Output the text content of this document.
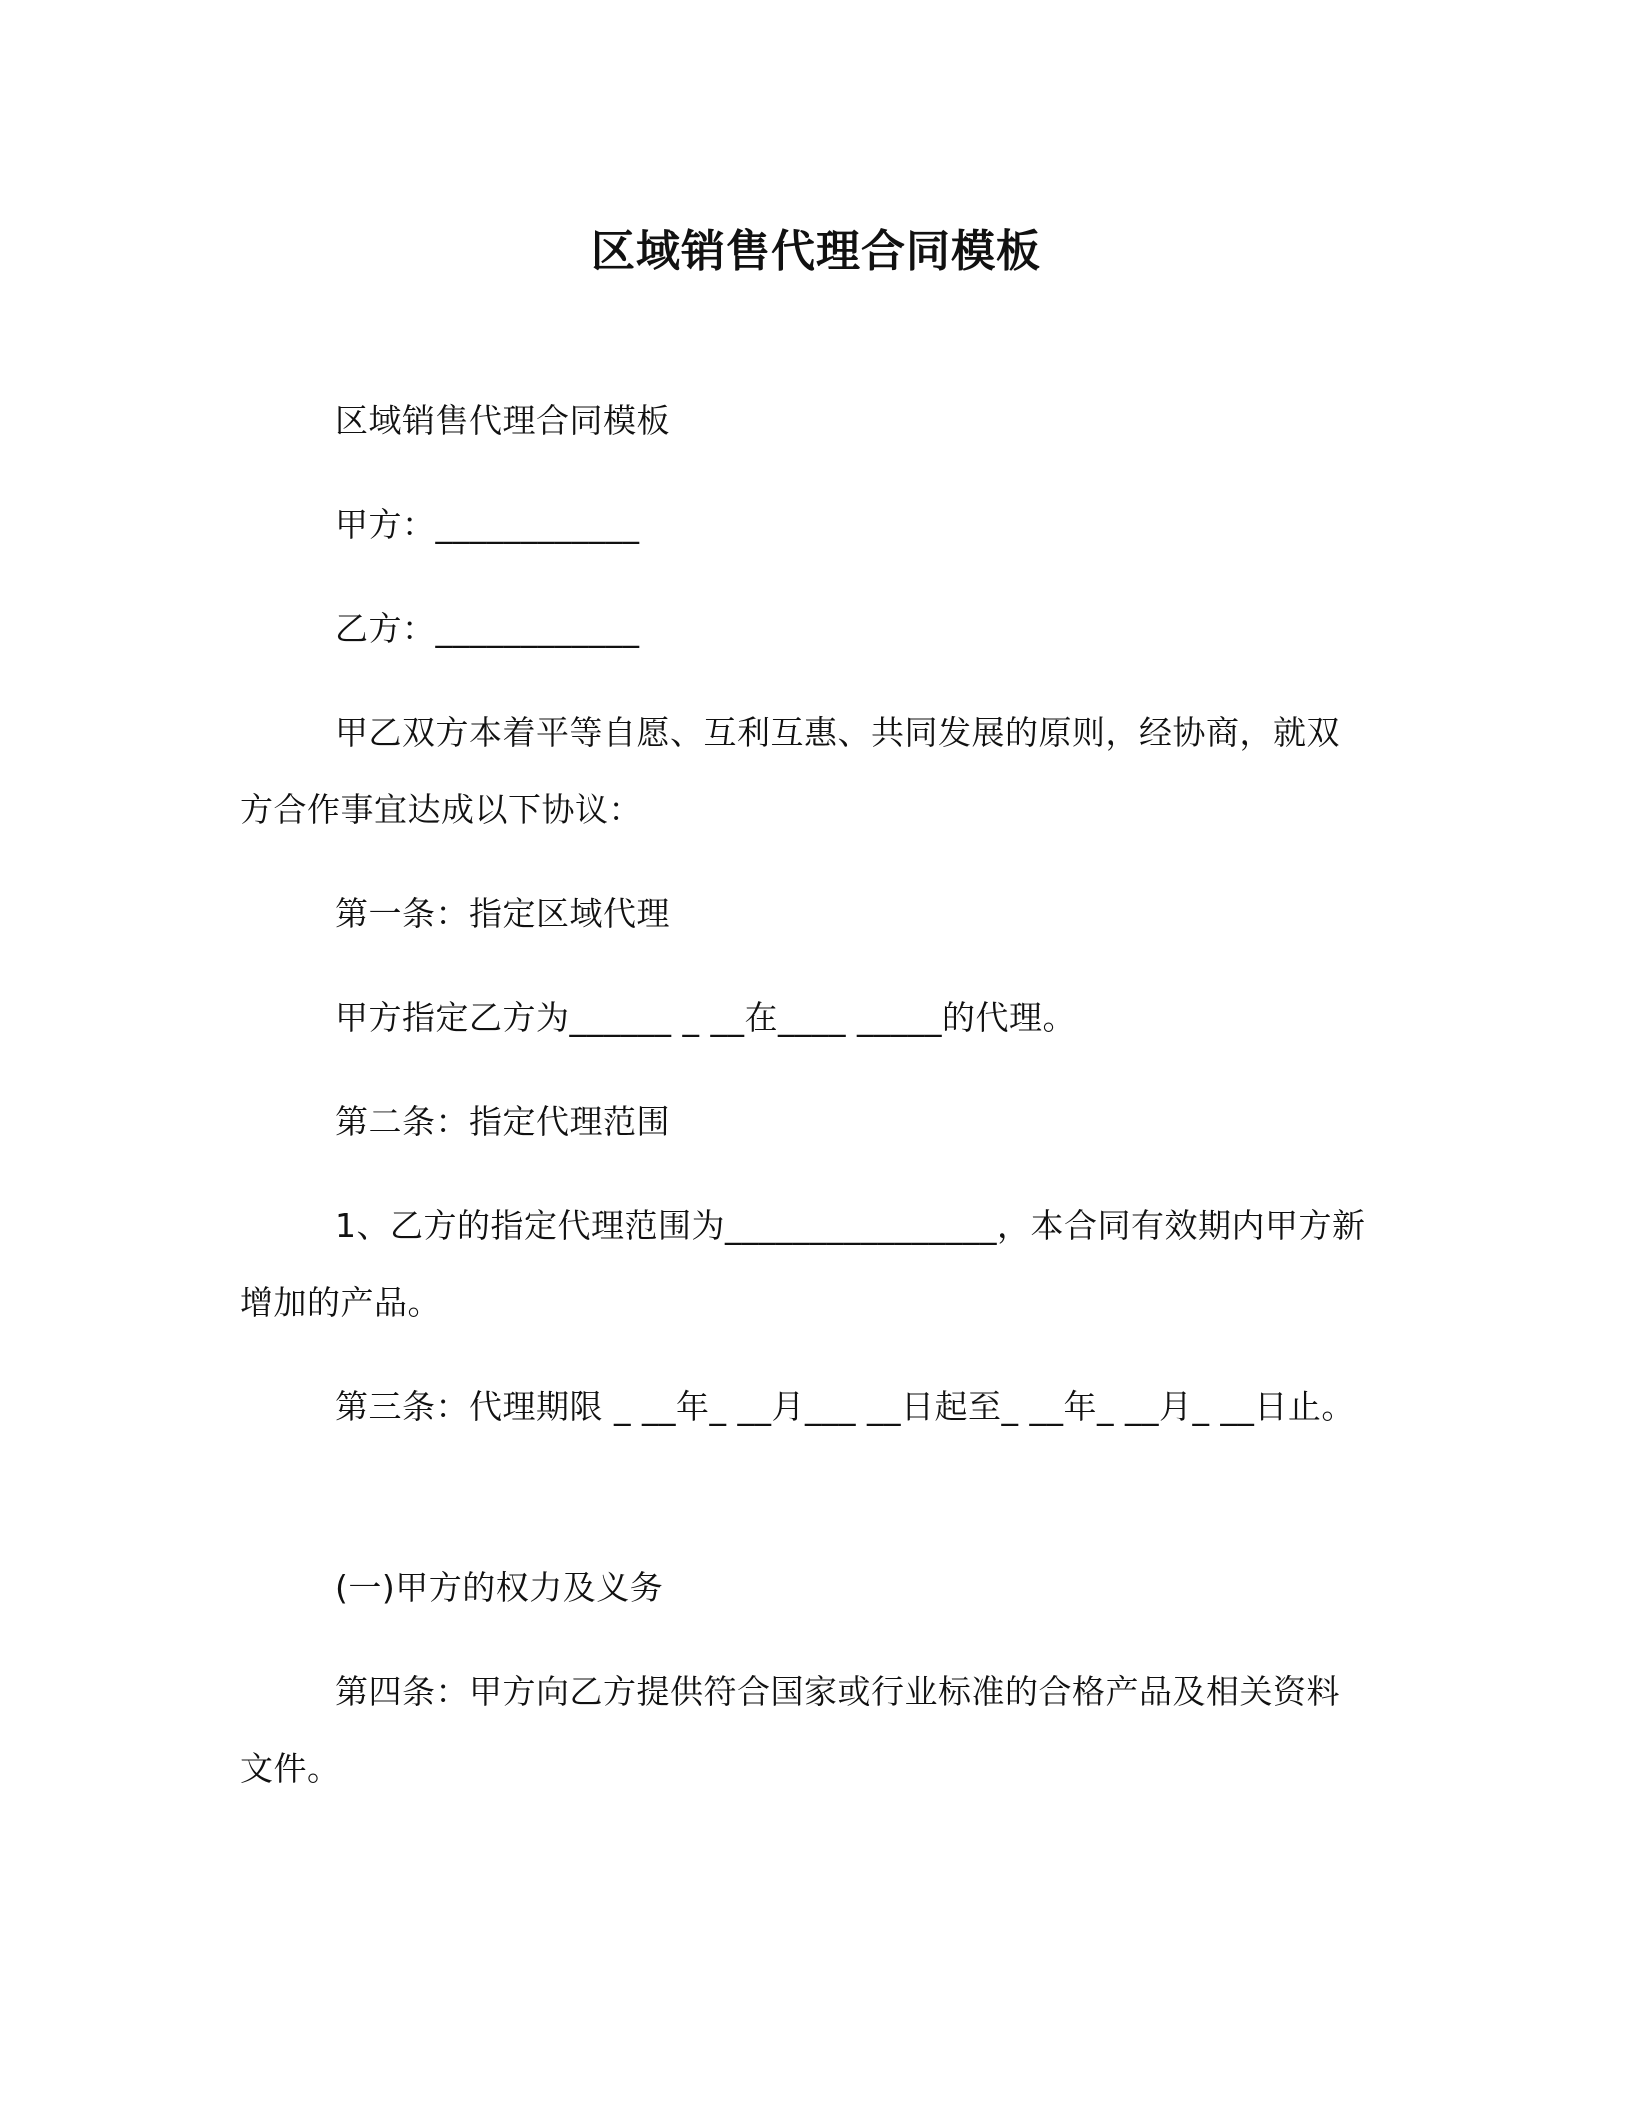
区域销售代理合同模板

区域销售代理合同模板

甲方：____________

乙方：____________

甲乙双方本着平等自愿、互利互惠、共同发展的原则，经协商，就双方合作事宜达成以下协议：

第一条：指定区域代理

甲方指定乙方为______ _ __在____ _____的代理。

第二条：指定代理范围

1、乙方的指定代理范围为________________，本合同有效期内甲方新增加的产品。

第三条：代理期限 _ __年_ __月___ __日起至_ __年_ __月_ __日止。

(一)甲方的权力及义务

第四条：甲方向乙方提供符合国家或行业标准的合格产品及相关资料文件。
